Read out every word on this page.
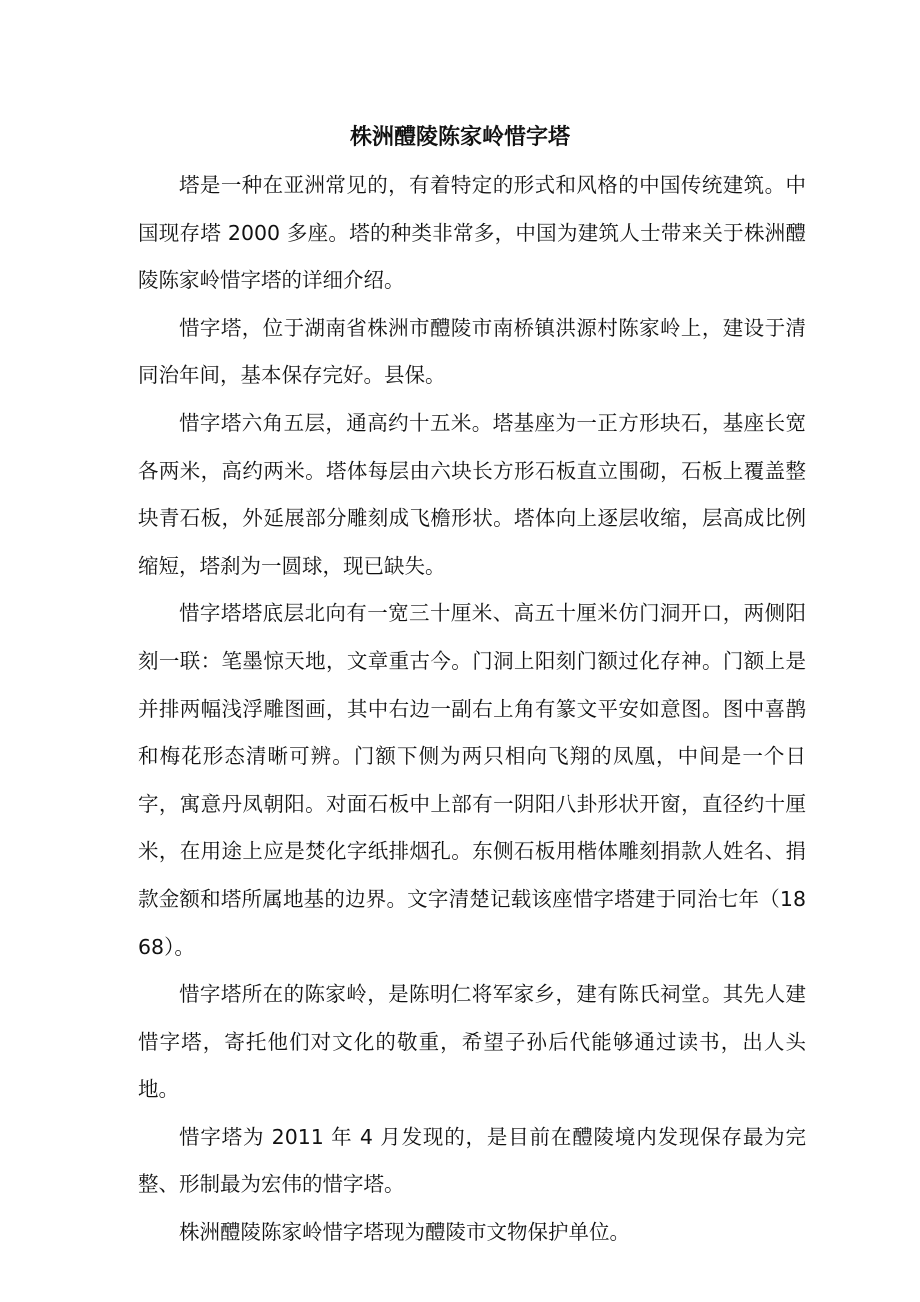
株洲醴陵陈家岭惜字塔

塔是一种在亚洲常见的，有着特定的形式和风格的中国传统建筑。中国现存塔 2000 多座。塔的种类非常多，中国为建筑人士带来关于株洲醴陵陈家岭惜字塔的详细介绍。

惜字塔，位于湖南省株洲市醴陵市南桥镇洪源村陈家岭上，建设于清同治年间，基本保存完好。县保。

惜字塔六角五层，通高约十五米。塔基座为一正方形块石，基座长宽各两米，高约两米。塔体每层由六块长方形石板直立围砌，石板上覆盖整块青石板，外延展部分雕刻成飞檐形状。塔体向上逐层收缩，层高成比例缩短，塔刹为一圆球，现已缺失。

惜字塔塔底层北向有一宽三十厘米、高五十厘米仿门洞开口，两侧阳刻一联：笔墨惊天地，文章重古今。门洞上阳刻门额过化存神。门额上是并排两幅浅浮雕图画，其中右边一副右上角有篆文平安如意图。图中喜鹊和梅花形态清晰可辨。门额下侧为两只相向飞翔的凤凰，中间是一个日字，寓意丹凤朝阳。对面石板中上部有一阴阳八卦形状开窗，直径约十厘米，在用途上应是焚化字纸排烟孔。东侧石板用楷体雕刻捐款人姓名、捐款金额和塔所属地基的边界。文字清楚记载该座惜字塔建于同治七年（1868）。

惜字塔所在的陈家岭，是陈明仁将军家乡，建有陈氏祠堂。其先人建惜字塔，寄托他们对文化的敬重，希望子孙后代能够通过读书，出人头地。

惜字塔为 2011 年 4 月发现的，是目前在醴陵境内发现保存最为完整、形制最为宏伟的惜字塔。

株洲醴陵陈家岭惜字塔现为醴陵市文物保护单位。
